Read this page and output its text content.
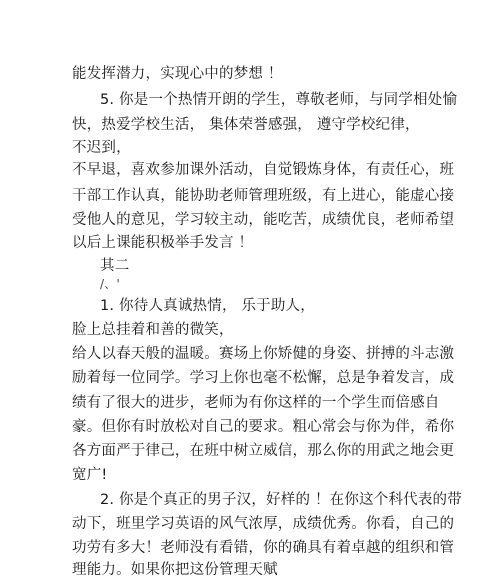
能发挥潜力，实现心中的梦想 ！
5. 你是一个热情开朗的学生，尊敬老师，与同学相处愉
快，热爱学校生活， 集体荣誉感强， 遵守学校纪律，
不迟到，
不早退，喜欢参加课外活动，自觉锻炼身体，有责任心，班
干部工作认真，能协助老师管理班级，有上进心，能虚心接
受他人的意见，学习较主动，能吃苦，成绩优良，老师希望
以后上课能积极举手发言 ！
其二
/、'
1. 你待人真诚热情， 乐于助人，
脸上总挂着和善的微笑，
给人以春天般的温暖。赛场上你矫健的身姿、拼搏的斗志激
励着每一位同学。学习上你也毫不松懈，总是争着发言，成
绩有了很大的进步，老师为有你这样的一个学生而倍感自
豪。但你有时放松对自己的要求。粗心常会与你为伴，希你
各方面严于律己，在班中树立威信，那么你的用武之地会更
宽广!
2. 你是个真正的男子汉，好样的 ！在你这个科代表的带
动下，班里学习英语的风气浓厚，成绩优秀。你看，自己的
功劳有多大！老师没有看错，你的确具有着卓越的组织和管
理能力。如果你把这份管理天赋
